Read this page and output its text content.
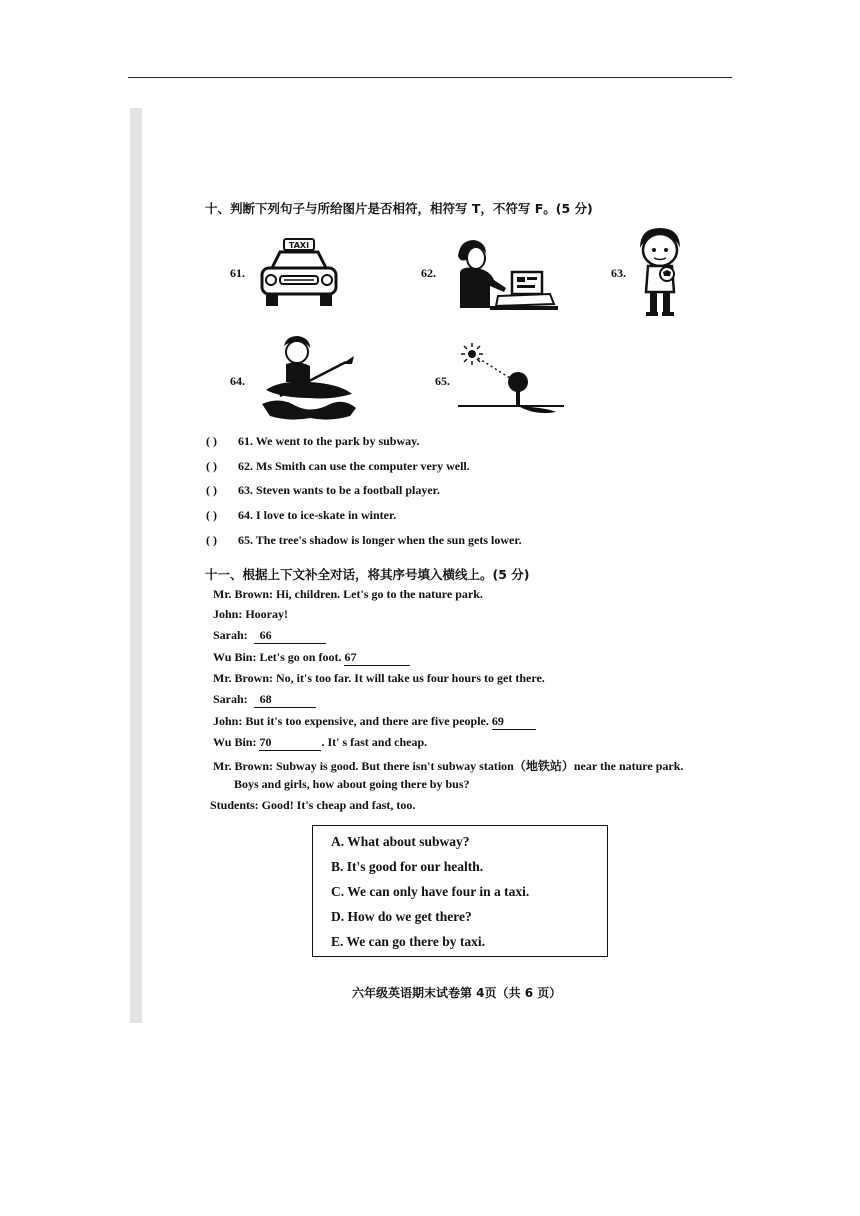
十、判断下列句子与所给图片是否相符，相符写 T，不符写 F。(5 分)
61.
TAXI
62.	63.
64.	65.
( ) 61. We went to the park by subway.
( ) 62. Ms Smith can use the computer very well.
( ) 63. Steven wants to be a football player.
( ) 64. I love to ice-skate in winter.
( ) 65. The tree's shadow is longer when the sun gets lower.
十一、根据上下文补全对话，将其序号填入横线上。(5 分)
Mr. Brown: Hi, children. Let's go to the nature park.
John: Hooray!
Sarah: 66
Wu Bin: Let's go on foot. 67
Mr. Brown: No, it's too far. It will take us four hours to get there.
Sarah: 68
John: But it's too expensive, and there are five people. 69
Wu Bin: 70	. It' s fast and cheap.
Mr. Brown: Subway is good. But there isn't subway station（地铁站）near the nature park.
Boys and girls, how about going there by bus?
Students: Good! It's cheap and fast, too.
A. What about subway?
B. It's good for our health.
C. We can only have four in a taxi.
D. How do we get there?
E. We can go there by taxi.
六年级英语期末试卷第 4页（共 6 页）
